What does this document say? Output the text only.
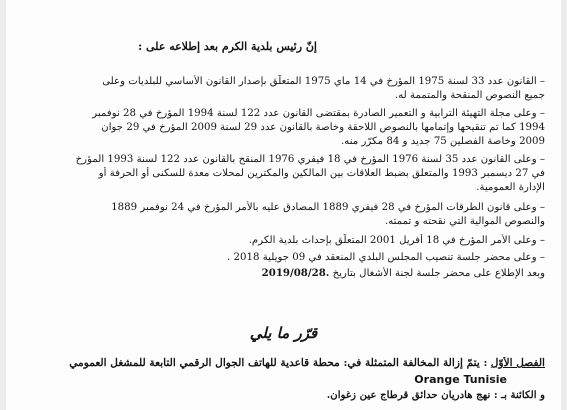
إنّ رئيس بلدية الكرم بعد إطلاعه على :
– القانون عدد 33 لسنة 1975 المؤرخ في 14 ماي 1975 المتعلّق بإصدار القانون الأساسي للبلديات وعلى
جميع النصوص المنقحة والمتممة له.
– وعلى مجلة التهيئة الترابية و التعمير الصادرة بمقتضى القانون عدد 122 لسنة 1994 المؤرخ في 28 نوفمبر
1994 كما تم تنقيحها وإتمامها بالنصوص اللاحقة وخاصة بالقانون عدد 29 لسنة 2009 المؤرخ في 29 جوان
2009 وخاصة الفصلين 75 جديد و 84 مكرّر منه.
– وعلى القانون عدد 35 لسنة 1976 المؤرخ في 18 فيفري 1976 المنقح بالقانون عدد 122 لسنة 1993 المؤرخ
في 27 ديسمبر 1993 والمتعلق بضبط العلاقات بين المالكين والمكترين لمحلات معدة للسكنى أو الحرفة أو
الإدارة العمومية.
– وعلى قانون الطرقات المؤرخ في 28 فيفري 1889 المصادق عليه بالأمر المؤرخ في 24 نوفمبر 1889
والنصوص الموالية التي نقحته و تممته.
– وعلى الأمر المؤرخ في 18 أفريل 2001 المتعلّق بإحداث بلدية الكرم.
– وعلى محضر جلسة تنصيب المجلس البلدي المنعقد في 09 جويلية 2018 .
وبعد الإطلاع على محضر جلسة لجنة الأشغال بتاريخ 2019/08/28.
قرّر ما يلي
الفصل الأوّل : يتمّ إزالة المخالفة المتمثلة في: محطة قاعدية للهاتف الجوال الرقمي التابعة للمشغل العمومي
Orange Tunisie
و الكائنة بـ : نهج هادريان حدائق قرطاج عين زغوان.
